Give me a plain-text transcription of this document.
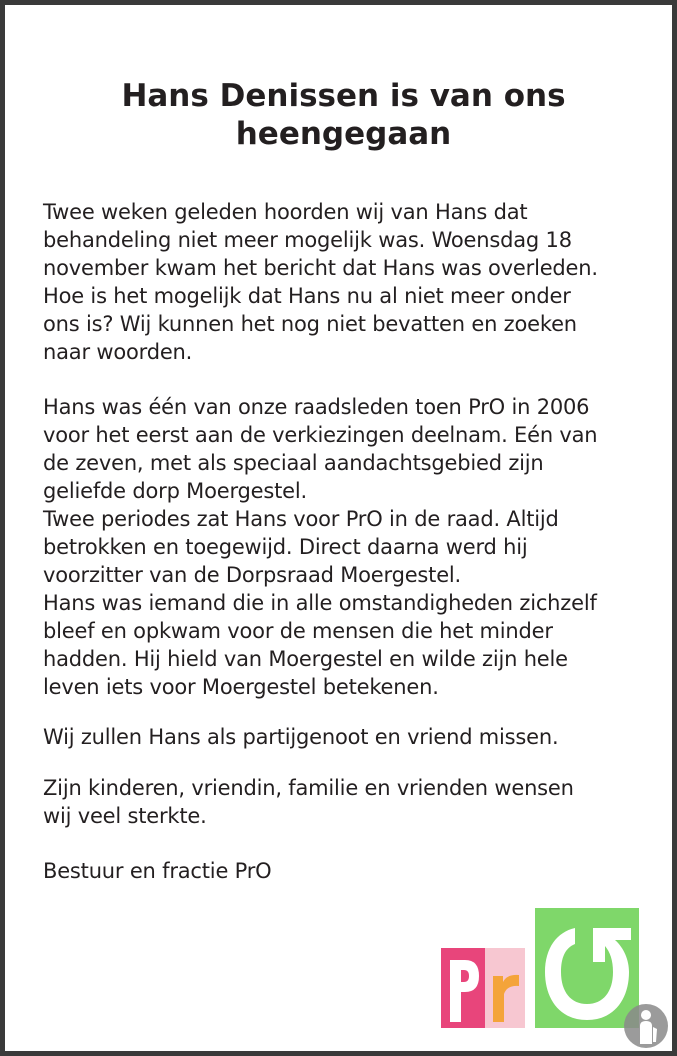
Hans Denissen is van ons
heengegaan

Twee weken geleden hoorden wij van Hans dat
behandeling niet meer mogelijk was. Woensdag 18
november kwam het bericht dat Hans was overleden.
Hoe is het mogelijk dat Hans nu al niet meer onder
ons is? Wij kunnen het nog niet bevatten en zoeken
naar woorden.

Hans was één van onze raadsleden toen PrO in 2006
voor het eerst aan de verkiezingen deelnam. Eén van
de zeven, met als speciaal aandachtsgebied zijn
geliefde dorp Moergestel.
Twee periodes zat Hans voor PrO in de raad. Altijd
betrokken en toegewijd. Direct daarna werd hij
voorzitter van de Dorpsraad Moergestel.
Hans was iemand die in alle omstandigheden zichzelf
bleef en opkwam voor de mensen die het minder
hadden. Hij hield van Moergestel en wilde zijn hele
leven iets voor Moergestel betekenen.

Wij zullen Hans als partijgenoot en vriend missen.

Zijn kinderen, vriendin, familie en vrienden wensen
wij veel sterkte.

Bestuur en fractie PrO
